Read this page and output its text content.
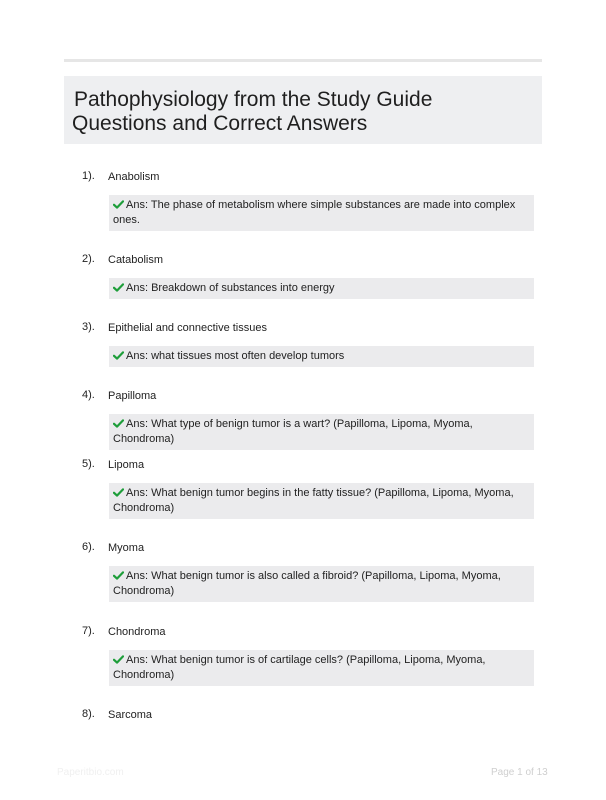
Pathophysiology from the Study Guide
Questions and Correct Answers
1). Anabolism
Ans: The phase of metabolism where simple substances are made into complex ones.
2). Catabolism
Ans: Breakdown of substances into energy
3). Epithelial and connective tissues
Ans: what tissues most often develop tumors
4). Papilloma
Ans: What type of benign tumor is a wart? (Papilloma, Lipoma, Myoma, Chondroma)
5). Lipoma
Ans: What benign tumor begins in the fatty tissue? (Papilloma, Lipoma, Myoma, Chondroma)
6). Myoma
Ans: What benign tumor is also called a fibroid? (Papilloma, Lipoma, Myoma, Chondroma)
7). Chondroma
Ans: What benign tumor is of cartilage cells? (Papilloma, Lipoma, Myoma, Chondroma)
8). Sarcoma
Paperitbio.com	Page 1 of 13
